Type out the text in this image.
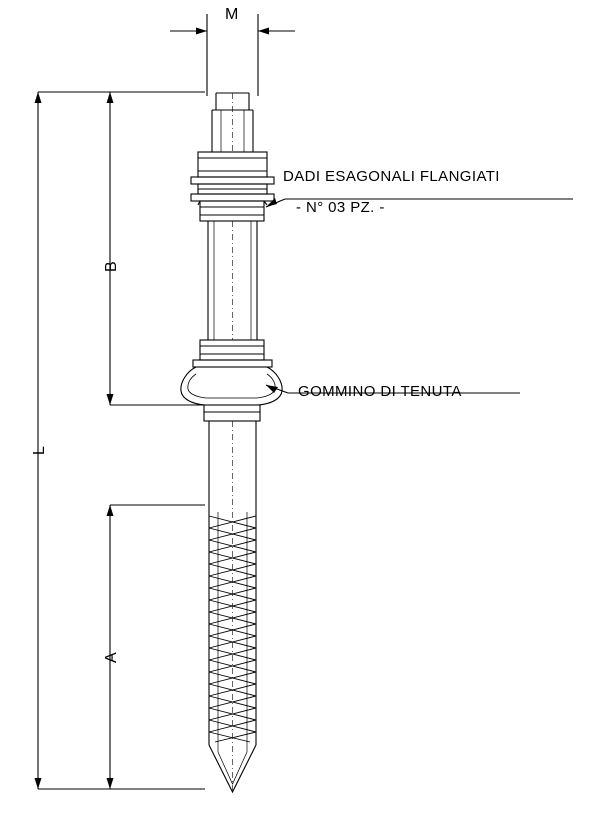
M
L
B
A
DADI ESAGONALI FLANGIATI
- N° 03 PZ. -
GOMMINO DI TENUTA
